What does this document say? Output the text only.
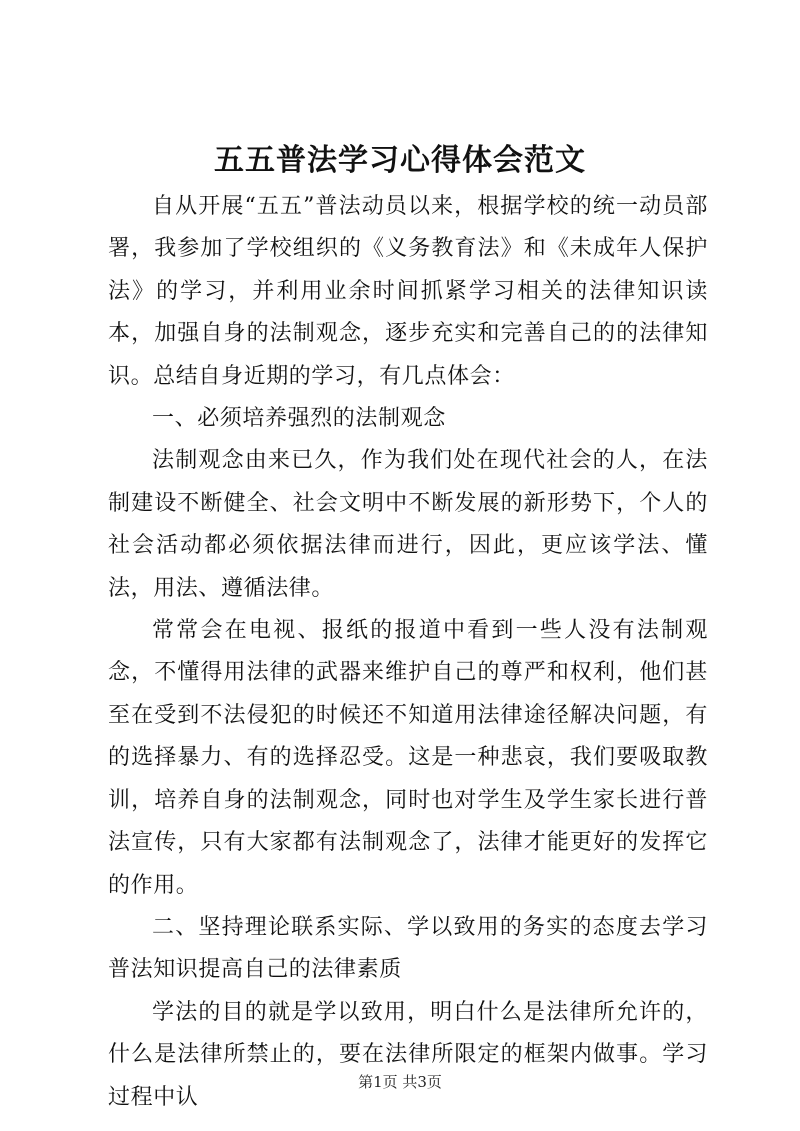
五五普法学习心得体会范文

自从开展“五五”普法动员以来，根据学校的统一动员部署，我参加了学校组织的《义务教育法》和《未成年人保护法》的学习，并利用业余时间抓紧学习相关的法律知识读本，加强自身的法制观念，逐步充实和完善自己的的法律知识。总结自身近期的学习，有几点体会：

一、必须培养强烈的法制观念

法制观念由来已久，作为我们处在现代社会的人，在法制建设不断健全、社会文明中不断发展的新形势下，个人的社会活动都必须依据法律而进行，因此，更应该学法、懂法，用法、遵循法律。

常常会在电视、报纸的报道中看到一些人没有法制观念，不懂得用法律的武器来维护自己的尊严和权利，他们甚至在受到不法侵犯的时候还不知道用法律途径解决问题，有的选择暴力、有的选择忍受。这是一种悲哀，我们要吸取教训，培养自身的法制观念，同时也对学生及学生家长进行普法宣传，只有大家都有法制观念了，法律才能更好的发挥它的作用。

二、坚持理论联系实际、学以致用的务实的态度去学习普法知识提高自己的法律素质

学法的目的就是学以致用，明白什么是法律所允许的，什么是法律所禁止的，要在法律所限定的框架内做事。学习过程中认

第1页 共3页
